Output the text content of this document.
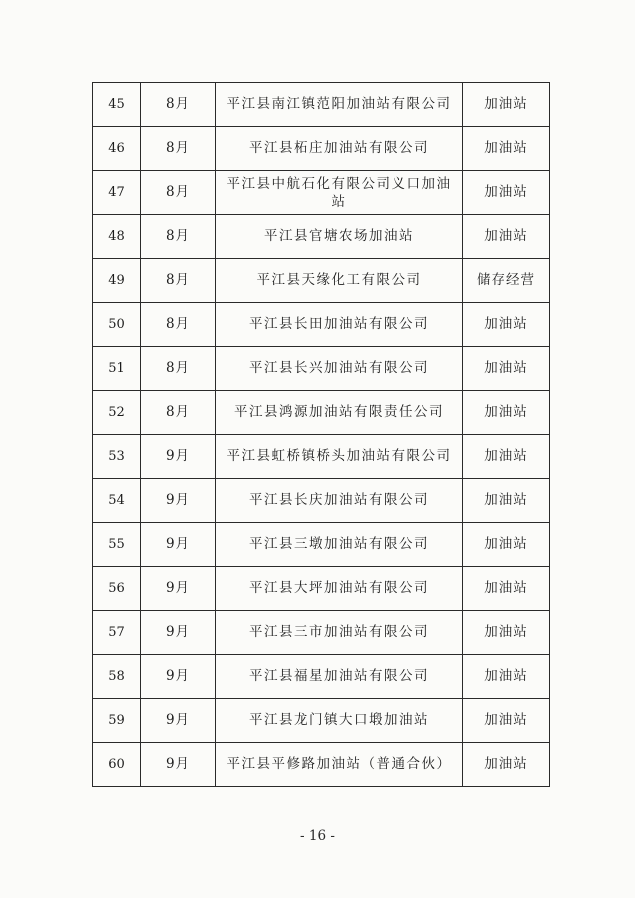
45	8月	平江县南江镇范阳加油站有限公司	加油站
46	8月	平江县柘庄加油站有限公司	加油站
47	8月	平江县中航石化有限公司义口加油站	加油站
48	8月	平江县官塘农场加油站	加油站
49	8月	平江县天缘化工有限公司	储存经营
50	8月	平江县长田加油站有限公司	加油站
51	8月	平江县长兴加油站有限公司	加油站
52	8月	平江县鸿源加油站有限责任公司	加油站
53	9月	平江县虹桥镇桥头加油站有限公司	加油站
54	9月	平江县长庆加油站有限公司	加油站
55	9月	平江县三墩加油站有限公司	加油站
56	9月	平江县大坪加油站有限公司	加油站
57	9月	平江县三市加油站有限公司	加油站
58	9月	平江县福星加油站有限公司	加油站
59	9月	平江县龙门镇大口塅加油站	加油站
60	9月	平江县平修路加油站（普通合伙）	加油站
- 16 -
